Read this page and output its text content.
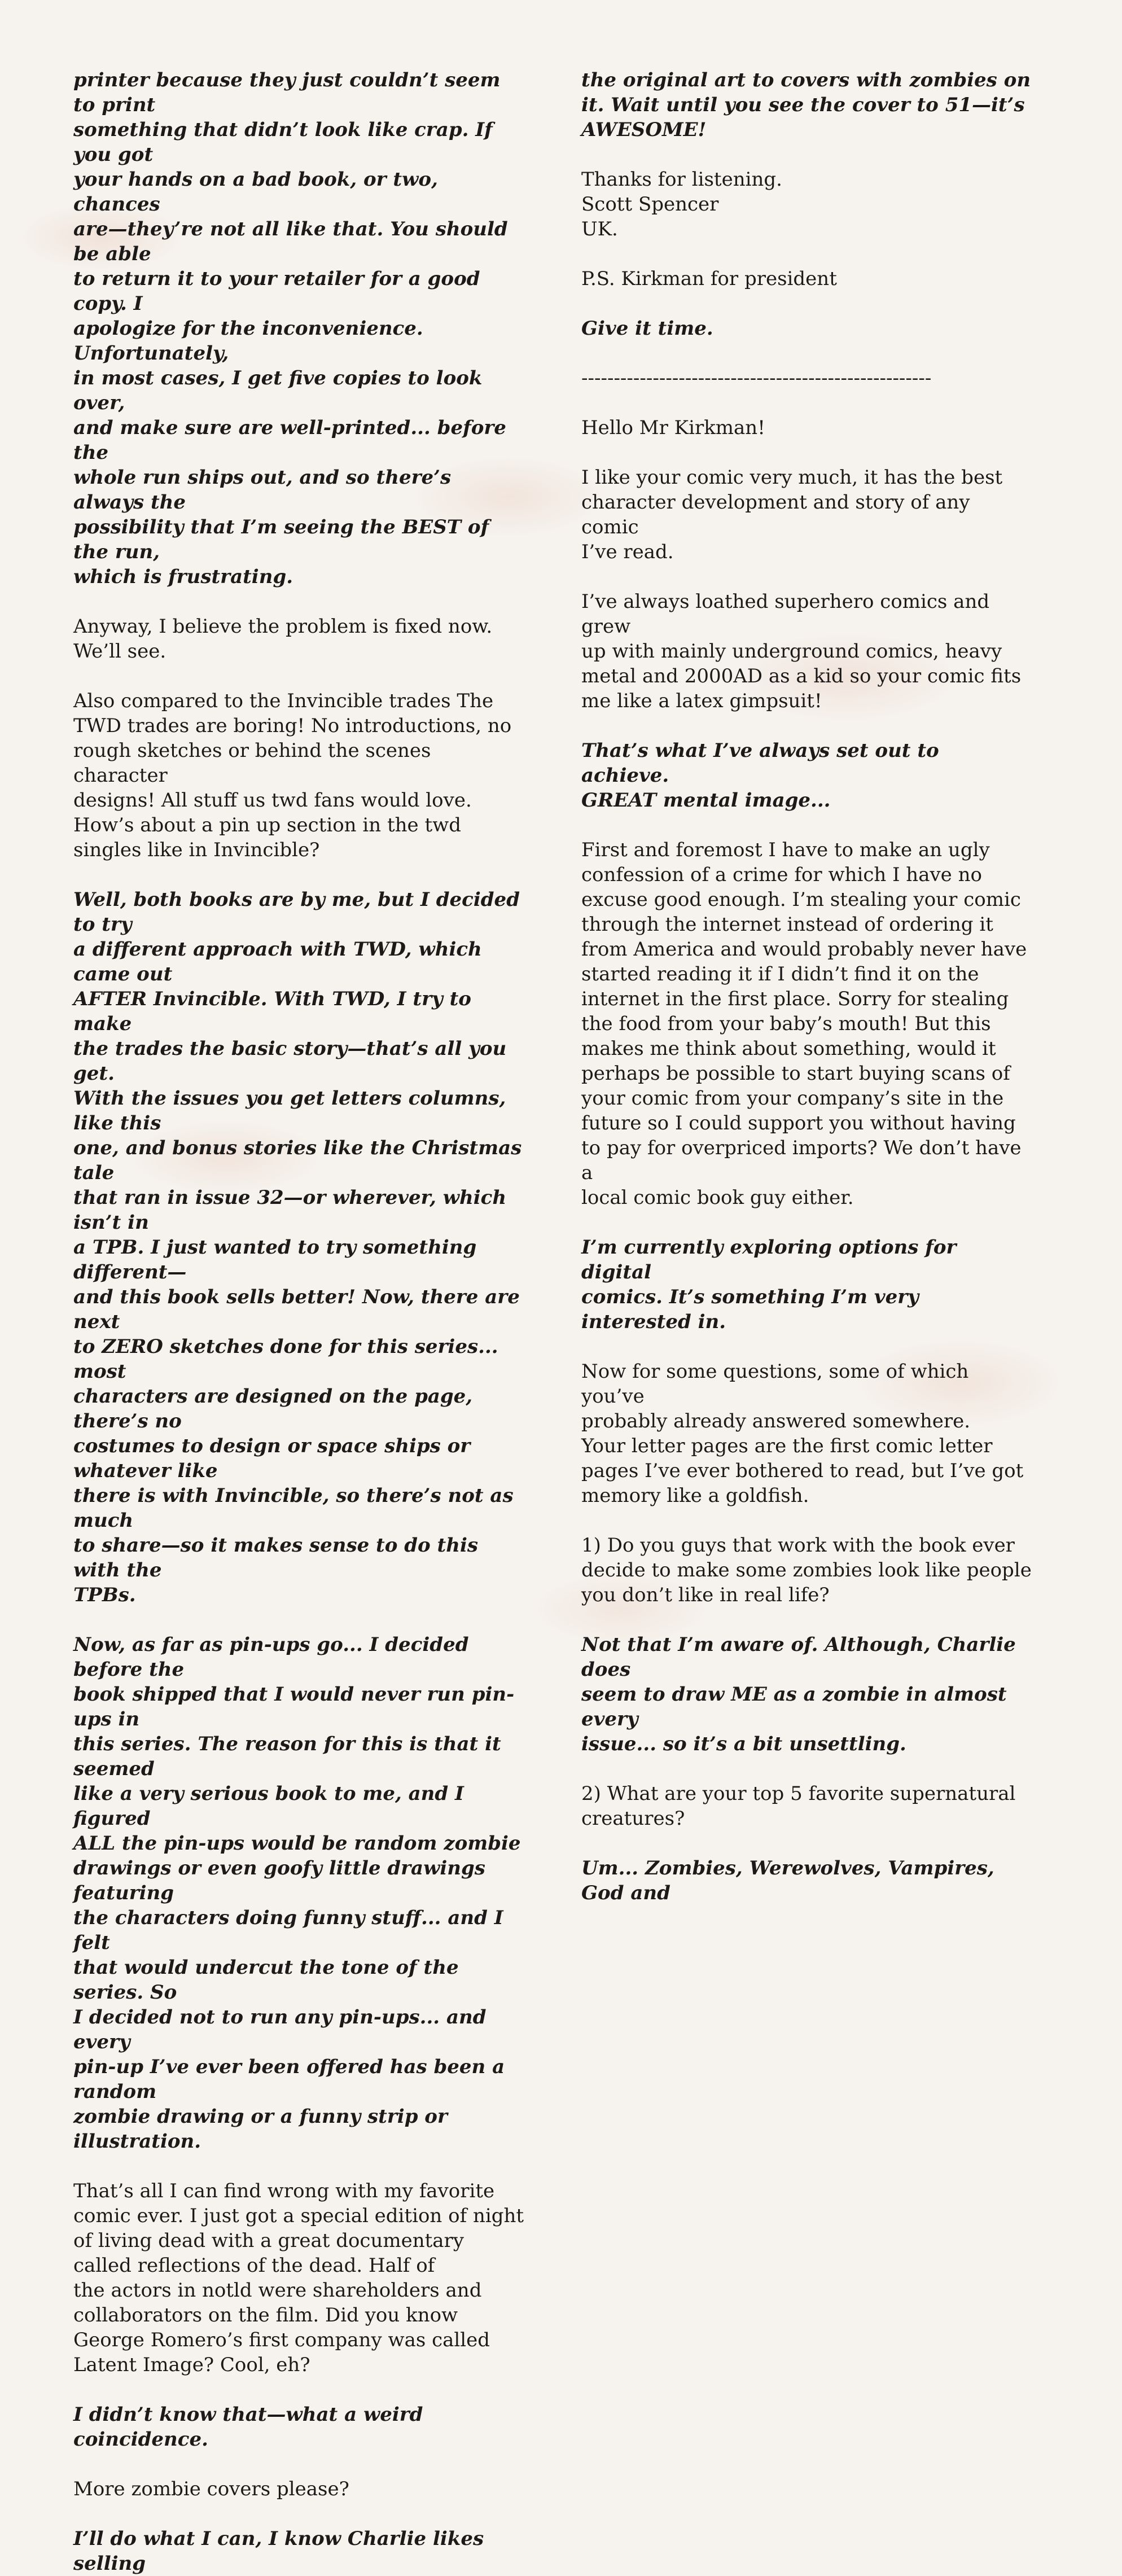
printer because they just couldn’t seem to print
something that didn’t look like crap. If you got
your hands on a bad book, or two, chances
are—they’re not all like that. You should be able
to return it to your retailer for a good copy. I
apologize for the inconvenience. Unfortunately,
in most cases, I get five copies to look over,
and make sure are well-printed... before the
whole run ships out, and so there’s always the
possibility that I’m seeing the BEST of the run,
which is frustrating.

Anyway, I believe the problem is fixed now.
We’ll see.

Also compared to the Invincible trades The
TWD trades are boring! No introductions, no
rough sketches or behind the scenes character
designs! All stuff us twd fans would love.
How’s about a pin up section in the twd
singles like in Invincible?

Well, both books are by me, but I decided to try
a different approach with TWD, which came out
AFTER Invincible. With TWD, I try to make
the trades the basic story—that’s all you get.
With the issues you get letters columns, like this
one, and bonus stories like the Christmas tale
that ran in issue 32—or wherever, which isn’t in
a TPB. I just wanted to try something different—
and this book sells better! Now, there are next
to ZERO sketches done for this series... most
characters are designed on the page, there’s no
costumes to design or space ships or whatever like
there is with Invincible, so there’s not as much
to share—so it makes sense to do this with the
TPBs.

Now, as far as pin-ups go... I decided before the
book shipped that I would never run pin-ups in
this series. The reason for this is that it seemed
like a very serious book to me, and I figured
ALL the pin-ups would be random zombie
drawings or even goofy little drawings featuring
the characters doing funny stuff... and I felt
that would undercut the tone of the series. So
I decided not to run any pin-ups... and every
pin-up I’ve ever been offered has been a random
zombie drawing or a funny strip or illustration.

That’s all I can find wrong with my favorite
comic ever. I just got a special edition of night
of living dead with a great documentary
called reflections of the dead. Half of
the actors in notld were shareholders and
collaborators on the film. Did you know
George Romero’s first company was called
Latent Image? Cool, eh?

I didn’t know that—what a weird coincidence.

More zombie covers please?

I’ll do what I can, I know Charlie likes selling

the original art to covers with zombies on
it. Wait until you see the cover to 51—it’s
AWESOME!

Thanks for listening.
Scott Spencer
UK.

P.S. Kirkman for president

Give it time.

------------------------------------------------------

Hello Mr Kirkman!

I like your comic very much, it has the best
character development and story of any comic
I’ve read.

I’ve always loathed superhero comics and grew
up with mainly underground comics, heavy
metal and 2000AD as a kid so your comic fits
me like a latex gimpsuit!

That’s what I’ve always set out to achieve.
GREAT mental image...

First and foremost I have to make an ugly
confession of a crime for which I have no
excuse good enough. I’m stealing your comic
through the internet instead of ordering it
from America and would probably never have
started reading it if I didn’t find it on the
internet in the first place. Sorry for stealing
the food from your baby’s mouth! But this
makes me think about something, would it
perhaps be possible to start buying scans of
your comic from your company’s site in the
future so I could support you without having
to pay for overpriced imports? We don’t have a
local comic book guy either.

I’m currently exploring options for digital
comics. It’s something I’m very interested in.

Now for some questions, some of which you’ve
probably already answered somewhere.
Your letter pages are the first comic letter
pages I’ve ever bothered to read, but I’ve got
memory like a goldfish.

1) Do you guys that work with the book ever
decide to make some zombies look like people
you don’t like in real life?

Not that I’m aware of. Although, Charlie does
seem to draw ME as a zombie in almost every
issue... so it’s a bit unsettling.

2) What are your top 5 favorite supernatural
creatures?

Um... Zombies, Werewolves, Vampires, God and
